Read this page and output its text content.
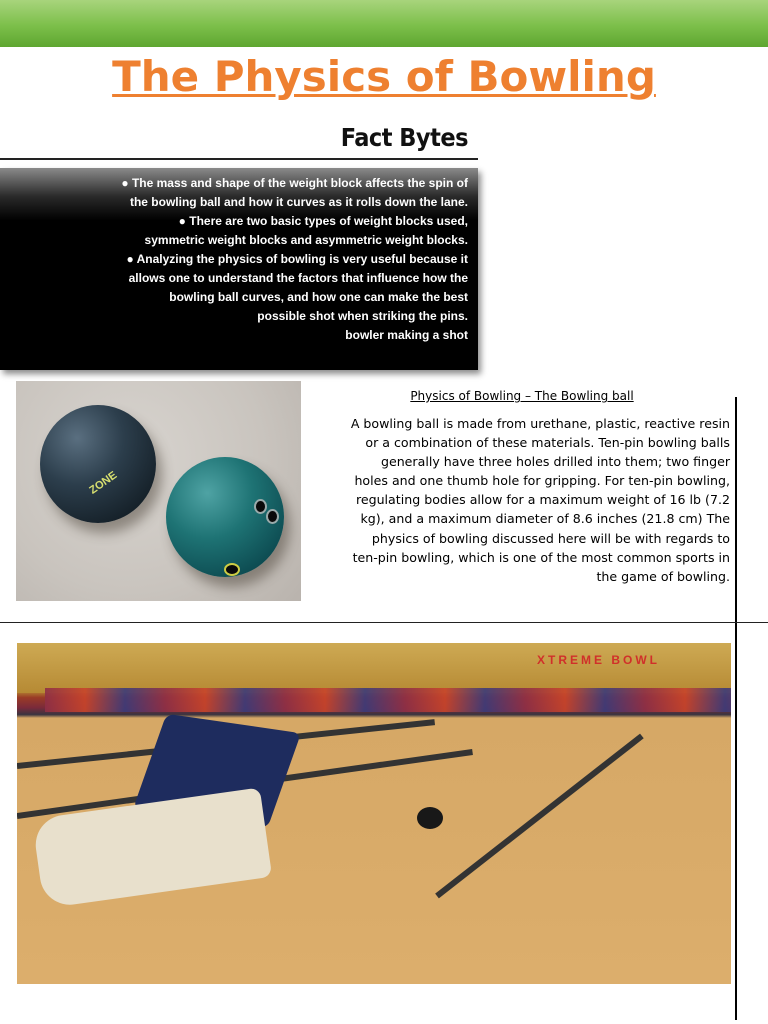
The Physics of Bowling
Fact Bytes
● The mass and shape of the weight block affects the spin of
the bowling ball and how it curves as it rolls down the lane.
● There are two basic types of weight blocks used,
symmetric weight blocks and asymmetric weight blocks.
● Analyzing the physics of bowling is very useful because it
allows one to understand the factors that influence how the
bowling ball curves, and how one can make the best
possible shot when striking the pins.
bowler making a shot
ZONE
Physics of Bowling – The Bowling ball
A bowling ball is made from urethane, plastic, reactive resin
or a combination of these materials. Ten-pin bowling balls
generally have three holes drilled into them; two finger
holes and one thumb hole for gripping. For ten-pin bowling,
regulating bodies allow for a maximum weight of 16 lb (7.2
kg), and a maximum diameter of 8.6 inches (21.8 cm) The
physics of bowling discussed here will be with regards to
ten-pin bowling, which is one of the most common sports in
the game of bowling.
XTREME BOWL
